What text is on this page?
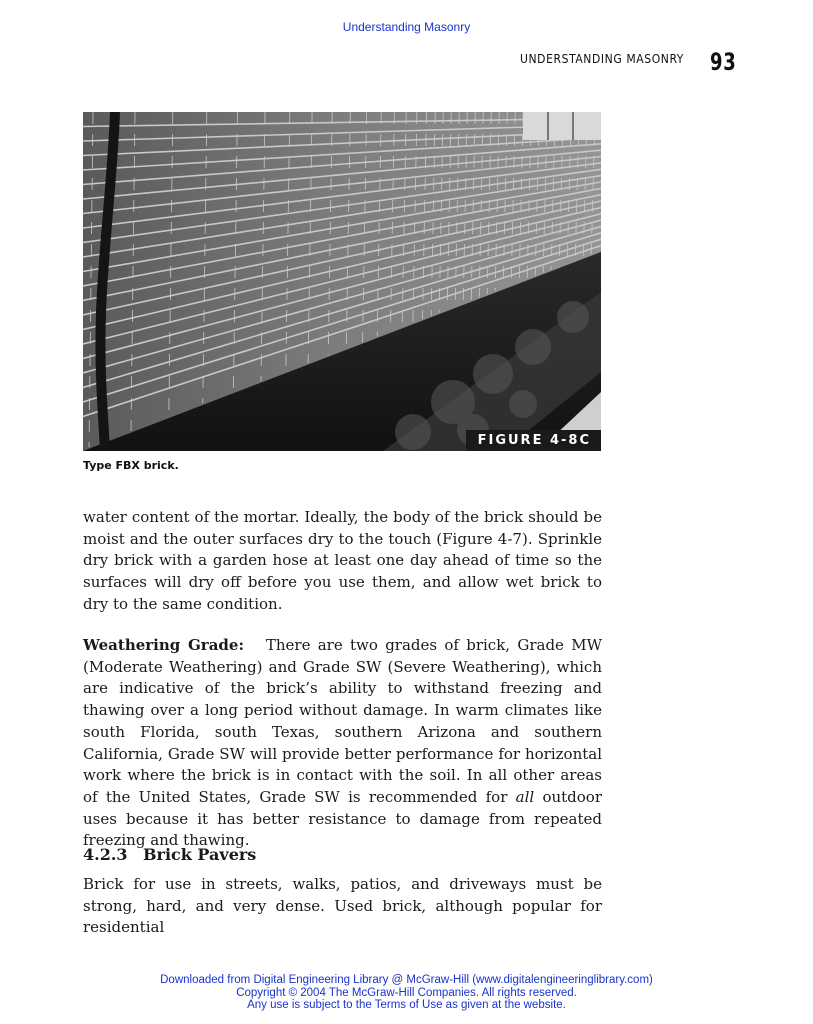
Understanding Masonry
UNDERSTANDING MASONRY 93
FIGURE 4-8C
Type FBX brick.
water content of the mortar. Ideally, the body of the brick should be moist and the outer surfaces dry to the touch (Figure 4-7). Sprinkle dry brick with a garden hose at least one day ahead of time so the surfaces will dry off before you use them, and allow wet brick to dry to the same condition.
Weathering Grade: There are two grades of brick, Grade MW (Moderate Weathering) and Grade SW (Severe Weathering), which are indicative of the brick’s ability to withstand freezing and thawing over a long period without damage. In warm climates like south Florida, south Texas, southern Arizona and southern California, Grade SW will provide better performance for horizontal work where the brick is in contact with the soil. In all other areas of the United States, Grade SW is recommended for all outdoor uses because it has better resistance to damage from repeated freezing and thawing.
4.2.3 Brick Pavers
Brick for use in streets, walks, patios, and driveways must be strong, hard, and very dense. Used brick, although popular for residential
Downloaded from Digital Engineering Library @ McGraw-Hill (www.digitalengineeringlibrary.com)
Copyright © 2004 The McGraw-Hill Companies. All rights reserved.
Any use is subject to the Terms of Use as given at the website.
